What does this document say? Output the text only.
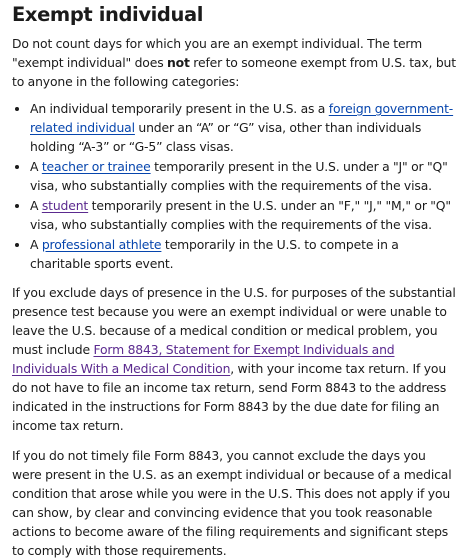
Exempt individual

Do not count days for which you are an exempt individual. The term "exempt individual" does not refer to someone exempt from U.S. tax, but to anyone in the following categories:

• An individual temporarily present in the U.S. as a foreign government-related individual under an “A” or “G” visa, other than individuals holding “A-3” or “G-5” class visas.
• A teacher or trainee temporarily present in the U.S. under a "J" or "Q" visa, who substantially complies with the requirements of the visa.
• A student temporarily present in the U.S. under an "F," "J," "M," or "Q" visa, who substantially complies with the requirements of the visa.
• A professional athlete temporarily in the U.S. to compete in a charitable sports event.

If you exclude days of presence in the U.S. for purposes of the substantial presence test because you were an exempt individual or were unable to leave the U.S. because of a medical condition or medical problem, you must include Form 8843, Statement for Exempt Individuals and Individuals With a Medical Condition, with your income tax return. If you do not have to file an income tax return, send Form 8843 to the address indicated in the instructions for Form 8843 by the due date for filing an income tax return.

If you do not timely file Form 8843, you cannot exclude the days you were present in the U.S. as an exempt individual or because of a medical condition that arose while you were in the U.S. This does not apply if you can show, by clear and convincing evidence that you took reasonable actions to become aware of the filing requirements and significant steps to comply with those requirements.
